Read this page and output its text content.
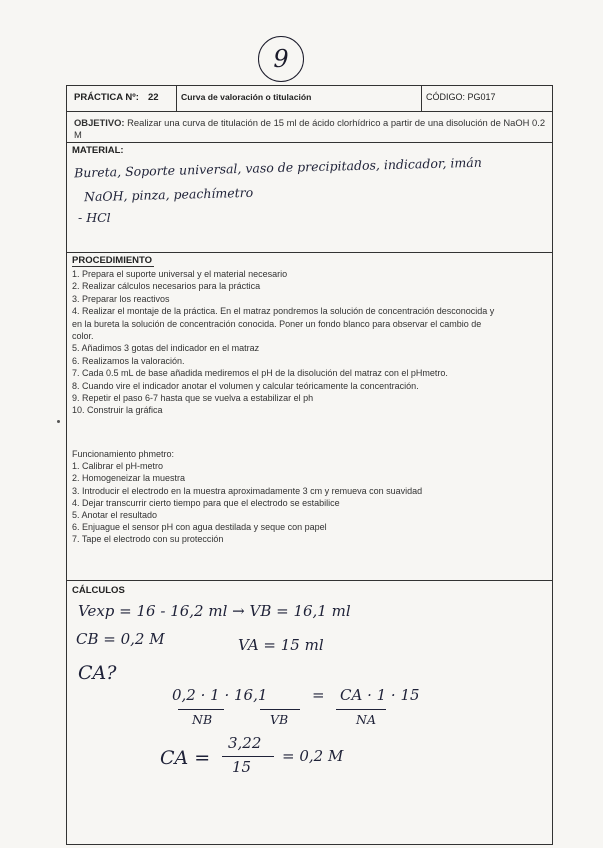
9
PRÁCTICA Nº: 22	Curva de valoración o titulación	CÓDIGO: PG017
OBJETIVO: Realizar una curva de titulación de 15 ml de ácido clorhídrico a partir de una disolución de NaOH 0.2 M
MATERIAL:
Bureta, Soporte universal, vaso de precipitados, indicador, imán
NaOH, pinza, peachímetro
- HCl
PROCEDIMIENTO
1. Prepara el suporte universal y el material necesario
2. Realizar cálculos necesarios para la práctica
3. Preparar los reactivos
4. Realizar el montaje de la práctica. En el matraz pondremos la solución de concentración desconocida y
en la bureta la solución de concentración conocida. Poner un fondo blanco para observar el cambio de
color.
5. Añadimos 3 gotas del indicador en el matraz
6. Realizamos la valoración.
7. Cada 0.5 mL de base añadida mediremos el pH de la disolución del matraz con el pHmetro.
8. Cuando vire el indicador anotar el volumen y calcular teóricamente la concentración.
9. Repetir el paso 6-7 hasta que se vuelva a estabilizar el ph
10. Construir la gráfica
Funcionamiento phmetro:
1. Calibrar el pH-metro
2. Homogeneizar la muestra
3. Introducir el electrodo en la muestra aproximadamente 3 cm y remueva con suavidad
4. Dejar transcurrir cierto tiempo para que el electrodo se estabilice
5. Anotar el resultado
6. Enjuague el sensor pH con agua destilada y seque con papel
7. Tape el electrodo con su protección
CÁLCULOS
Vexp = 16 - 16,2 ml → VB = 16,1 ml
CB = 0,2 M	VA = 15 ml
CA?
0,2 · 1 · 16,1	= CA · 1 · 15
NB	VB	NA
CA =
3,22
15
= 0,2 M
